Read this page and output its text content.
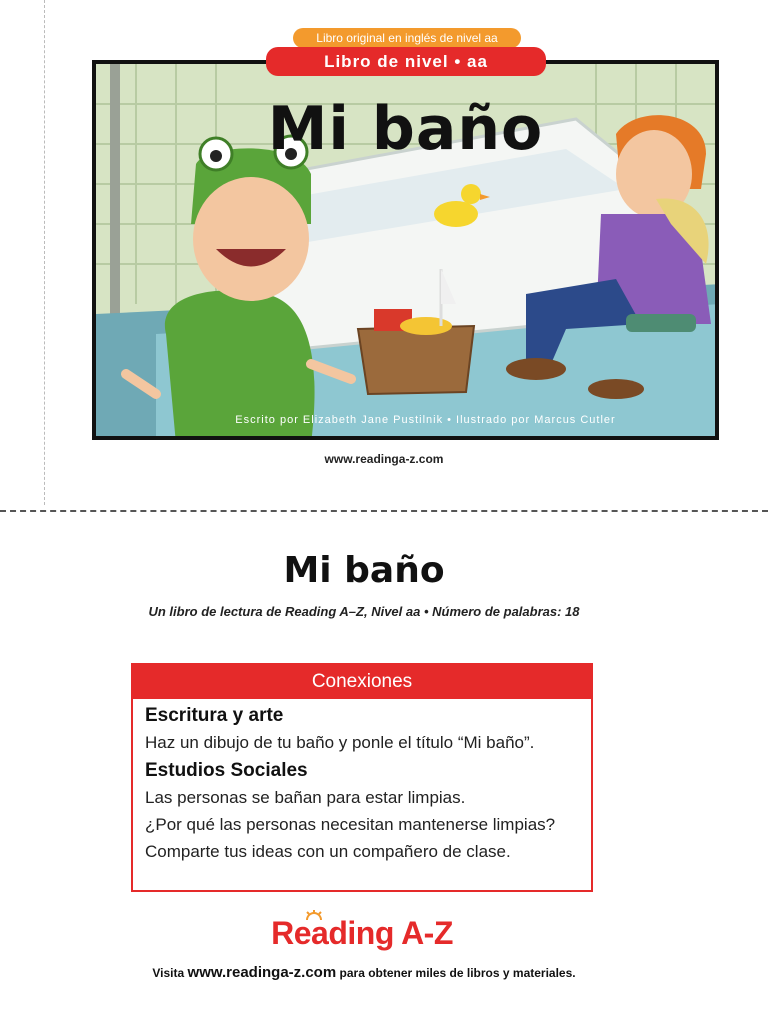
Libro original en inglés de nivel aa
Libro de nivel • aa
Mi baño
Escrito por Elizabeth Jane Pustilnik • Ilustrado por Marcus Cutler
www.readinga-z.com
Mi baño
Un libro de lectura de Reading A–Z, Nivel aa • Número de palabras: 18
Conexiones
Escritura y arte
Haz un dibujo de tu baño y ponle el título “Mi baño”.
Estudios Sociales
Las personas se bañan para estar limpias.
¿Por qué las personas necesitan mantenerse limpias?
Comparte tus ideas con un compañero de clase.
Reading A-Z
Visita www.readinga-z.com para obtener miles de libros y materiales.
